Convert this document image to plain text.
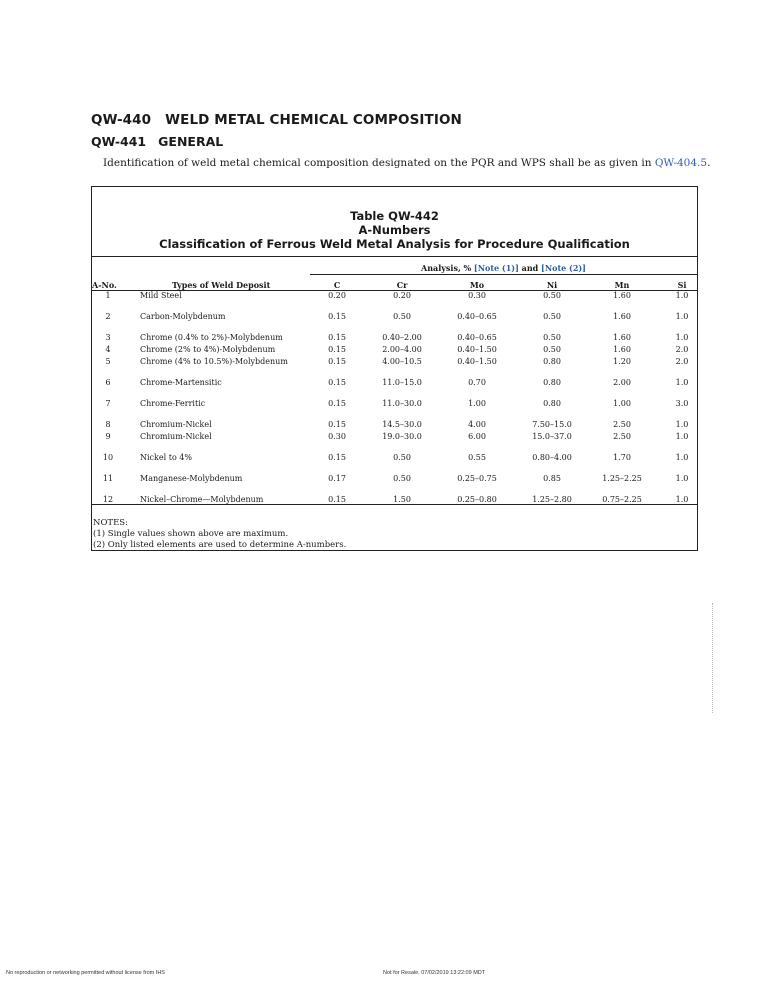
QW-440 WELD METAL CHEMICAL COMPOSITION
QW-441 GENERAL
Identification of weld metal chemical composition designated on the PQR and WPS shall be as given in QW-404.5.
Table QW-442
A-Numbers
Classification of Ferrous Weld Metal Analysis for Procedure Qualification
Analysis, % [Note (1)] and [Note (2)]
A-No.	Types of Weld Deposit	C	Cr	Mo	Ni	Mn	Si
1	Mild Steel	0.20	0.20	0.30	0.50	1.60	1.0
2	Carbon-Molybdenum	0.15	0.50	0.40–0.65	0.50	1.60	1.0
3	Chrome (0.4% to 2%)-Molybdenum	0.15	0.40–2.00	0.40–0.65	0.50	1.60	1.0
4	Chrome (2% to 4%)-Molybdenum	0.15	2.00–4.00	0.40–1.50	0.50	1.60	2.0
5	Chrome (4% to 10.5%)-Molybdenum	0.15	4.00–10.5	0.40–1.50	0.80	1.20	2.0
6	Chrome-Martensitic	0.15	11.0–15.0	0.70	0.80	2.00	1.0
7	Chrome-Ferritic	0.15	11.0–30.0	1.00	0.80	1.00	3.0
8	Chromium-Nickel	0.15	14.5–30.0	4.00	7.50–15.0	2.50	1.0
9	Chromium-Nickel	0.30	19.0–30.0	6.00	15.0–37.0	2.50	1.0
10	Nickel to 4%	0.15	0.50	0.55	0.80–4.00	1.70	1.0
11	Manganese-Molybdenum	0.17	0.50	0.25–0.75	0.85	1.25–2.25	1.0
12	Nickel–Chrome—Molybdenum	0.15	1.50	0.25–0.80	1.25–2.80	0.75–2.25	1.0
NOTES:
(1) Single values shown above are maximum.
(2) Only listed elements are used to determine A-numbers.
No reproduction or networking permitted without license from IHS	Not for Resale, 07/02/2019 13:22:09 MDT
